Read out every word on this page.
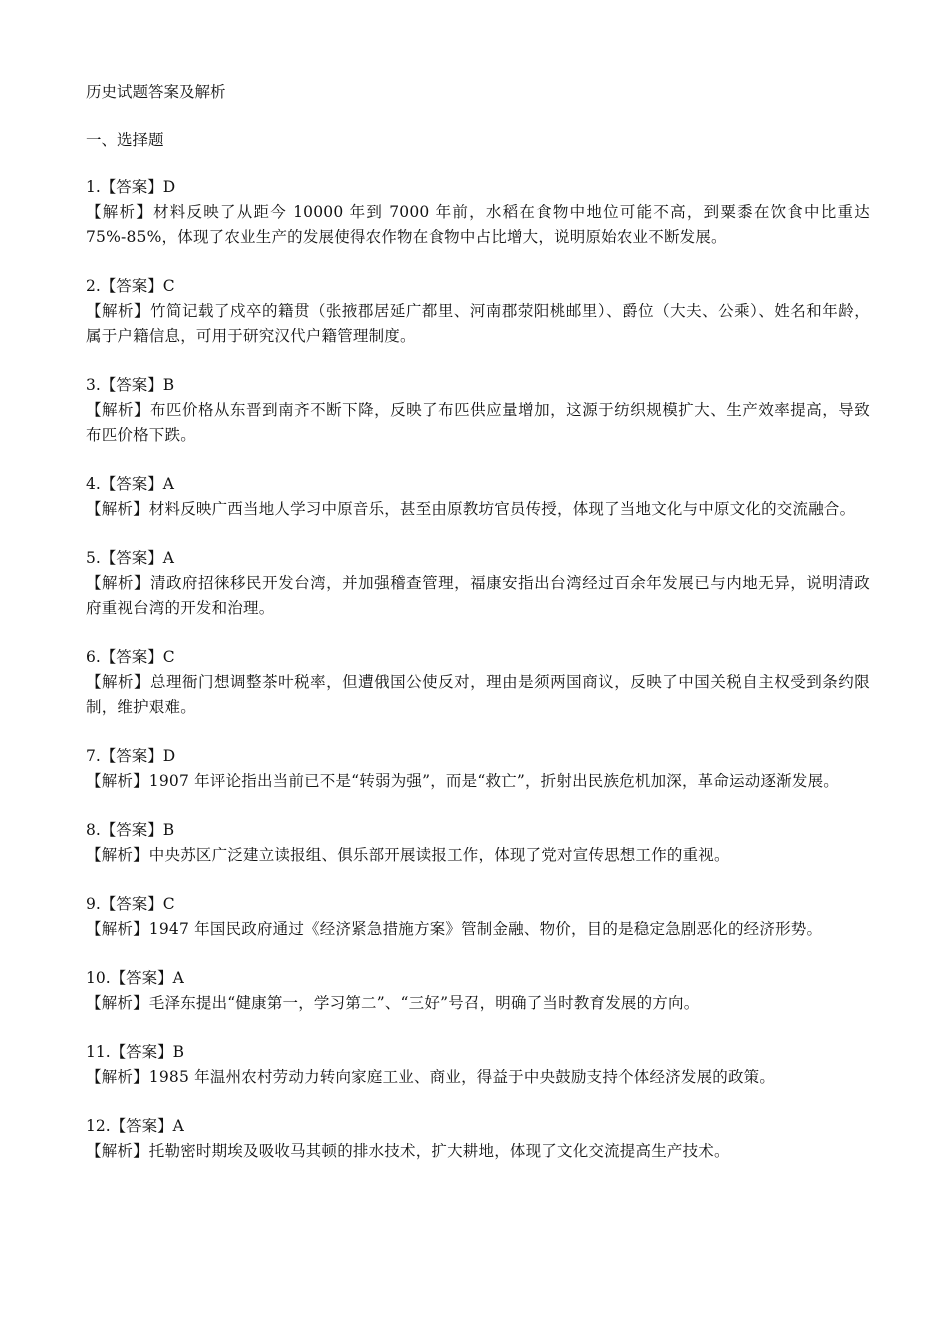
历史试题答案及解析

一、选择题

1.【答案】D
【解析】材料反映了从距今 10000 年到 7000 年前，水稻在食物中地位可能不高，到粟黍在饮食中比重达 75%-85%，体现了农业生产的发展使得农作物在食物中占比增大，说明原始农业不断发展。
2.【答案】C
【解析】竹简记载了戍卒的籍贯（张掖郡居延广都里、河南郡荥阳桃邮里）、爵位（大夫、公乘）、姓名和年龄，属于户籍信息，可用于研究汉代户籍管理制度。
3.【答案】B
【解析】布匹价格从东晋到南齐不断下降，反映了布匹供应量增加，这源于纺织规模扩大、生产效率提高，导致布匹价格下跌。
4.【答案】A
【解析】材料反映广西当地人学习中原音乐，甚至由原教坊官员传授，体现了当地文化与中原文化的交流融合。
5.【答案】A
【解析】清政府招徕移民开发台湾，并加强稽查管理，福康安指出台湾经过百余年发展已与内地无异，说明清政府重视台湾的开发和治理。
6.【答案】C
【解析】总理衙门想调整茶叶税率，但遭俄国公使反对，理由是须两国商议，反映了中国关税自主权受到条约限制，维护艰难。
7.【答案】D
【解析】1907 年评论指出当前已不是“转弱为强”，而是“救亡”，折射出民族危机加深，革命运动逐渐发展。
8.【答案】B
【解析】中央苏区广泛建立读报组、俱乐部开展读报工作，体现了党对宣传思想工作的重视。
9.【答案】C
【解析】1947 年国民政府通过《经济紧急措施方案》管制金融、物价，目的是稳定急剧恶化的经济形势。
10.【答案】A
【解析】毛泽东提出“健康第一，学习第二”、“三好”号召，明确了当时教育发展的方向。
11.【答案】B
【解析】1985 年温州农村劳动力转向家庭工业、商业，得益于中央鼓励支持个体经济发展的政策。
12.【答案】A
【解析】托勒密时期埃及吸收马其顿的排水技术，扩大耕地，体现了文化交流提高生产技术。
